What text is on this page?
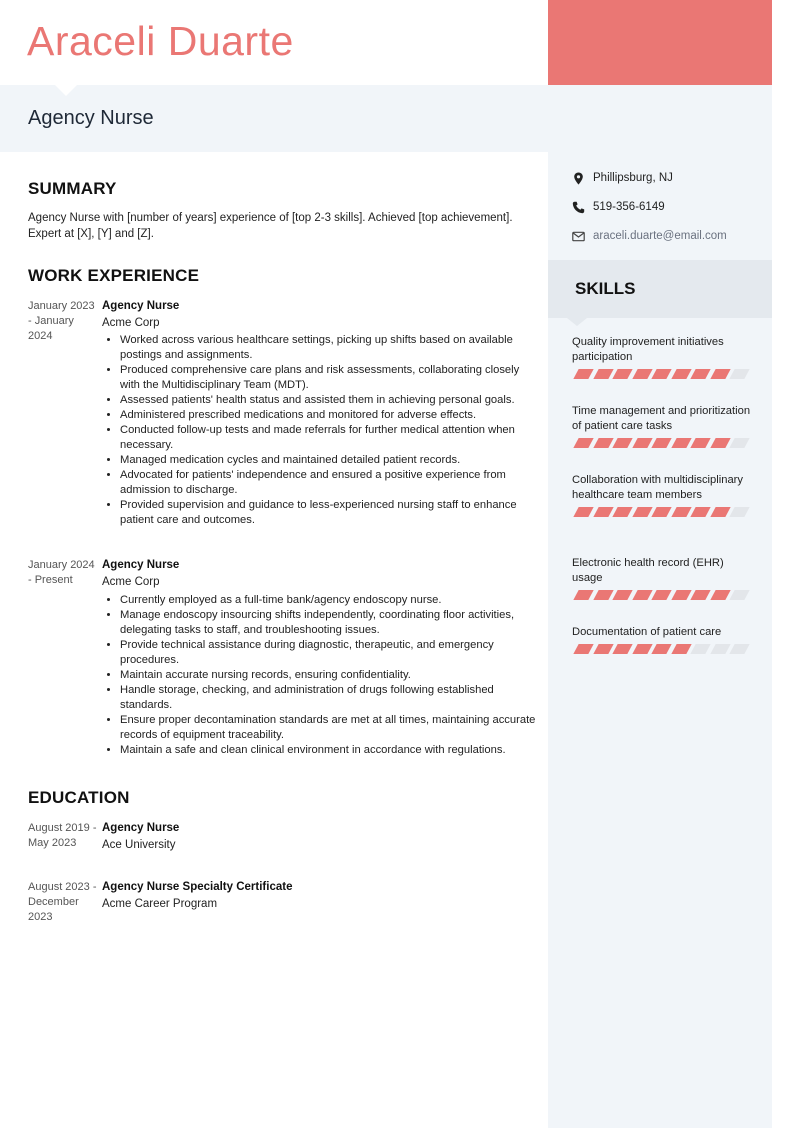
Araceli Duarte
Agency Nurse
SUMMARY

Agency Nurse with [number of years] experience of [top 2-3 skills]. Achieved [top achievement]. Expert at [X], [Y] and [Z].

WORK EXPERIENCE
January 2023 - January 2024
Agency Nurse
Acme Corp
• Worked across various healthcare settings, picking up shifts based on available postings and assignments.
• Produced comprehensive care plans and risk assessments, collaborating closely with the Multidisciplinary Team (MDT).
• Assessed patients' health status and assisted them in achieving personal goals.
• Administered prescribed medications and monitored for adverse effects.
• Conducted follow-up tests and made referrals for further medical attention when necessary.
• Managed medication cycles and maintained detailed patient records.
• Advocated for patients' independence and ensured a positive experience from admission to discharge.
• Provided supervision and guidance to less-experienced nursing staff to enhance patient care and outcomes.
January 2024 - Present
Agency Nurse
Acme Corp
• Currently employed as a full-time bank/agency endoscopy nurse.
• Manage endoscopy insourcing shifts independently, coordinating floor activities, delegating tasks to staff, and troubleshooting issues.
• Provide technical assistance during diagnostic, therapeutic, and emergency procedures.
• Maintain accurate nursing records, ensuring confidentiality.
• Handle storage, checking, and administration of drugs following established standards.
• Ensure proper decontamination standards are met at all times, maintaining accurate records of equipment traceability.
• Maintain a safe and clean clinical environment in accordance with regulations.
EDUCATION
August 2019 - May 2023
Agency Nurse
Ace University
August 2023 - December 2023
Agency Nurse Specialty Certificate
Acme Career Program
Phillipsburg, NJ
519-356-6149
araceli.duarte@email.com
SKILLS

Quality improvement initiatives participation

Time management and prioritization of patient care tasks

Collaboration with multidisciplinary healthcare team members

Electronic health record (EHR) usage

Documentation of patient care
